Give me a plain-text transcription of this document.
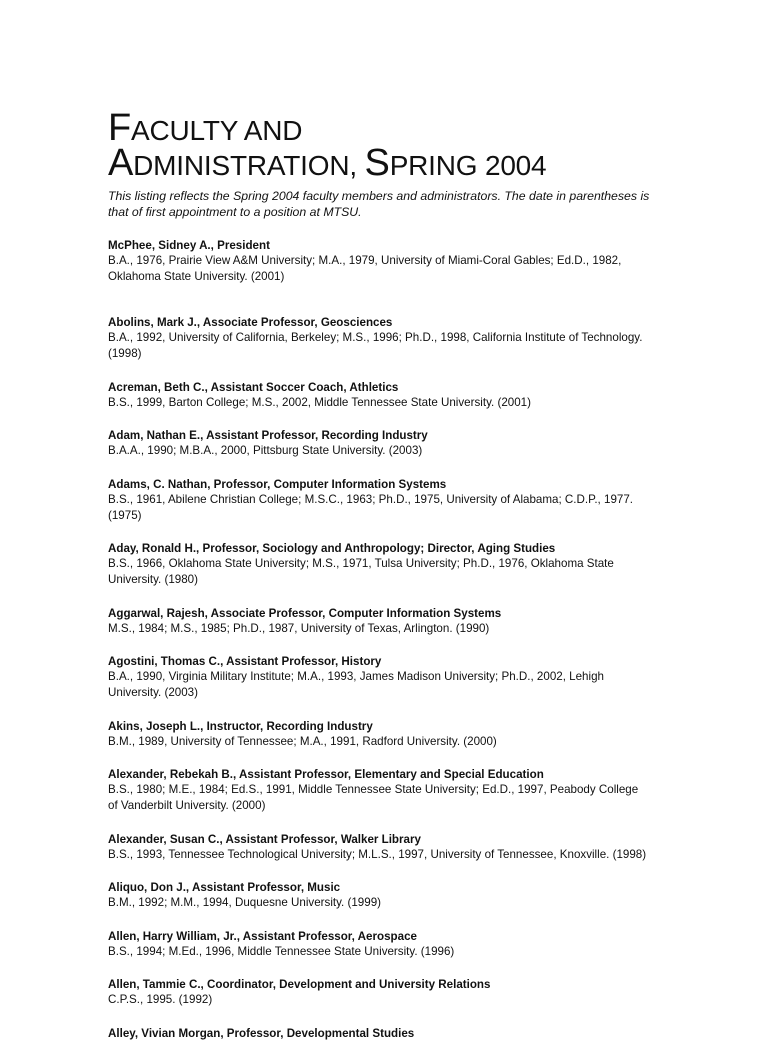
FACULTY AND
ADMINISTRATION, SPRING 2004

This listing reflects the Spring 2004 faculty members and administrators. The date in parentheses is that of first appointment to a position at MTSU.

McPhee, Sidney A., President
B.A., 1976, Prairie View A&M University; M.A., 1979, University of Miami-Coral Gables; Ed.D., 1982, Oklahoma State University. (2001)
Abolins, Mark J., Associate Professor, Geosciences
B.A., 1992, University of California, Berkeley; M.S., 1996; Ph.D., 1998, California Institute of Technology. (1998)
Acreman, Beth C., Assistant Soccer Coach, Athletics
B.S., 1999, Barton College; M.S., 2002, Middle Tennessee State University. (2001)
Adam, Nathan E., Assistant Professor, Recording Industry
B.A.A., 1990; M.B.A., 2000, Pittsburg State University. (2003)
Adams, C. Nathan, Professor, Computer Information Systems
B.S., 1961, Abilene Christian College; M.S.C., 1963; Ph.D., 1975, University of Alabama; C.D.P., 1977. (1975)
Aday, Ronald H., Professor, Sociology and Anthropology; Director, Aging Studies
B.S., 1966, Oklahoma State University; M.S., 1971, Tulsa University; Ph.D., 1976, Oklahoma State University. (1980)
Aggarwal, Rajesh, Associate Professor, Computer Information Systems
M.S., 1984; M.S., 1985; Ph.D., 1987, University of Texas, Arlington. (1990)
Agostini, Thomas C., Assistant Professor, History
B.A., 1990, Virginia Military Institute; M.A., 1993, James Madison University; Ph.D., 2002, Lehigh University. (2003)
Akins, Joseph L., Instructor, Recording Industry
B.M., 1989, University of Tennessee; M.A., 1991, Radford University. (2000)
Alexander, Rebekah B., Assistant Professor, Elementary and Special Education
B.S., 1980; M.E., 1984; Ed.S., 1991, Middle Tennessee State University; Ed.D., 1997, Peabody College of Vanderbilt University. (2000)
Alexander, Susan C., Assistant Professor, Walker Library
B.S., 1993, Tennessee Technological University; M.L.S., 1997, University of Tennessee, Knoxville. (1998)
Aliquo, Don J., Assistant Professor, Music
B.M., 1992; M.M., 1994, Duquesne University. (1999)
Allen, Harry William, Jr., Assistant Professor, Aerospace
B.S., 1994; M.Ed., 1996, Middle Tennessee State University. (1996)
Allen, Tammie C., Coordinator, Development and University Relations
C.P.S., 1995. (1992)
Alley, Vivian Morgan, Professor, Developmental Studies
